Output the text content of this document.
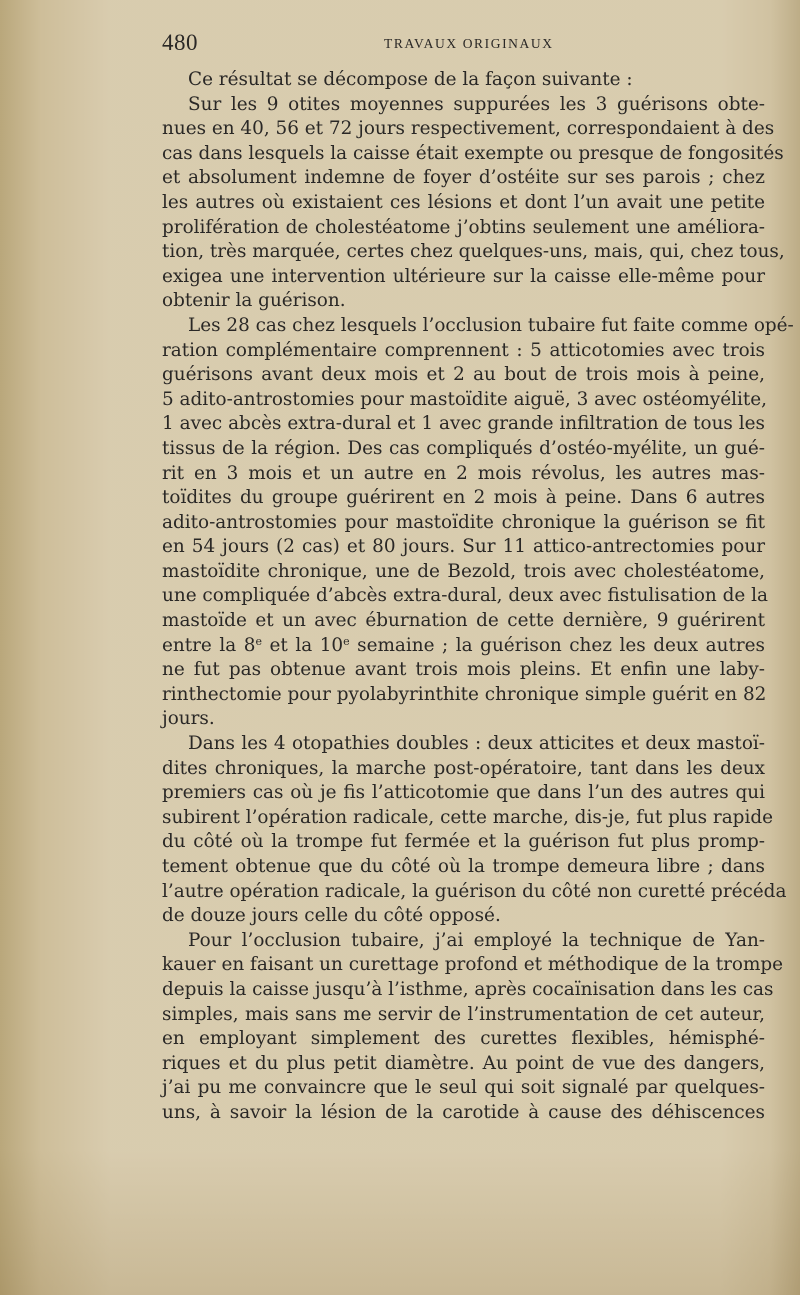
480	TRAVAUX ORIGINAUX
Ce résultat se décompose de la façon suivante :
Sur les 9 otites moyennes suppurées les 3 guérisons obte-
nues en 40, 56 et 72 jours respectivement, correspondaient à des
cas dans lesquels la caisse était exempte ou presque de fongosités
et absolument indemne de foyer d’ostéite sur ses parois ; chez
les autres où existaient ces lésions et dont l’un avait une petite
prolifération de cholestéatome j’obtins seulement une améliora-
tion, très marquée, certes chez quelques-uns, mais, qui, chez tous,
exigea une intervention ultérieure sur la caisse elle-même pour
obtenir la guérison.
Les 28 cas chez lesquels l’occlusion tubaire fut faite comme opé-
ration complémentaire comprennent : 5 atticotomies avec trois
guérisons avant deux mois et 2 au bout de trois mois à peine,
5 adito-antrostomies pour mastoïdite aiguë, 3 avec ostéomyélite,
1 avec abcès extra-dural et 1 avec grande infiltration de tous les
tissus de la région. Des cas compliqués d’ostéo-myélite, un gué-
rit en 3 mois et un autre en 2 mois révolus, les autres mas-
toïdites du groupe guérirent en 2 mois à peine. Dans 6 autres
adito-antrostomies pour mastoïdite chronique la guérison se fit
en 54 jours (2 cas) et 80 jours. Sur 11 attico-antrectomies pour
mastoïdite chronique, une de Bezold, trois avec cholestéatome,
une compliquée d’abcès extra-dural, deux avec fistulisation de la
mastoïde et un avec éburnation de cette dernière, 9 guérirent
entre la 8e et la 10e semaine ; la guérison chez les deux autres
ne fut pas obtenue avant trois mois pleins. Et enfin une laby-
rinthectomie pour pyolabyrinthite chronique simple guérit en 82
jours.
Dans les 4 otopathies doubles : deux atticites et deux mastoï-
dites chroniques, la marche post-opératoire, tant dans les deux
premiers cas où je fis l’atticotomie que dans l’un des autres qui
subirent l’opération radicale, cette marche, dis-je, fut plus rapide
du côté où la trompe fut fermée et la guérison fut plus promp-
tement obtenue que du côté où la trompe demeura libre ; dans
l’autre opération radicale, la guérison du côté non curetté précéda
de douze jours celle du côté opposé.
Pour l’occlusion tubaire, j’ai employé la technique de Yan-
kauer en faisant un curettage profond et méthodique de la trompe
depuis la caisse jusqu’à l’isthme, après cocaïnisation dans les cas
simples, mais sans me servir de l’instrumentation de cet auteur,
en employant simplement des curettes flexibles, hémisphé-
riques et du plus petit diamètre. Au point de vue des dangers,
j’ai pu me convaincre que le seul qui soit signalé par quelques-
uns, à savoir la lésion de la carotide à cause des déhiscences
